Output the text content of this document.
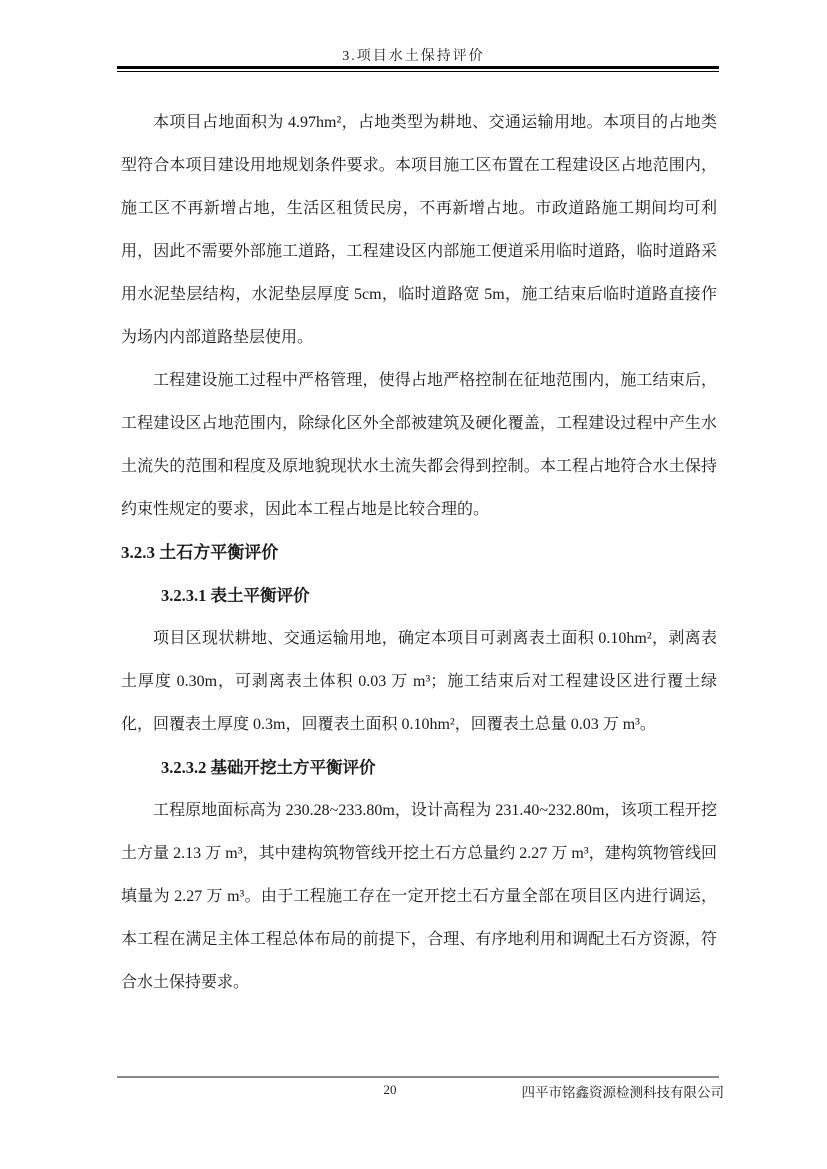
3.项目水土保持评价

本项目占地面积为 4.97hm²，占地类型为耕地、交通运输用地。本项目的占地类型符合本项目建设用地规划条件要求。本项目施工区布置在工程建设区占地范围内，施工区不再新增占地，生活区租赁民房，不再新增占地。市政道路施工期间均可利用，因此不需要外部施工道路，工程建设区内部施工便道采用临时道路，临时道路采用水泥垫层结构，水泥垫层厚度 5cm，临时道路宽 5m，施工结束后临时道路直接作为场内内部道路垫层使用。

工程建设施工过程中严格管理，使得占地严格控制在征地范围内，施工结束后，工程建设区占地范围内，除绿化区外全部被建筑及硬化覆盖，工程建设过程中产生水土流失的范围和程度及原地貌现状水土流失都会得到控制。本工程占地符合水土保持约束性规定的要求，因此本工程占地是比较合理的。

3.2.3 土石方平衡评价

3.2.3.1 表土平衡评价

项目区现状耕地、交通运输用地，确定本项目可剥离表土面积 0.10hm²，剥离表土厚度 0.30m，可剥离表土体积 0.03 万 m³；施工结束后对工程建设区进行覆土绿化，回覆表土厚度 0.3m，回覆表土面积 0.10hm²，回覆表土总量 0.03 万 m³。

3.2.3.2 基础开挖土方平衡评价

工程原地面标高为 230.28~233.80m，设计高程为 231.40~232.80m，该项工程开挖土方量 2.13 万 m³，其中建构筑物管线开挖土石方总量约 2.27 万 m³，建构筑物管线回填量为 2.27 万 m³。由于工程施工存在一定开挖土石方量全部在项目区内进行调运，本工程在满足主体工程总体布局的前提下，合理、有序地利用和调配土石方资源，符合水土保持要求。

20	四平市铭鑫资源检测科技有限公司
